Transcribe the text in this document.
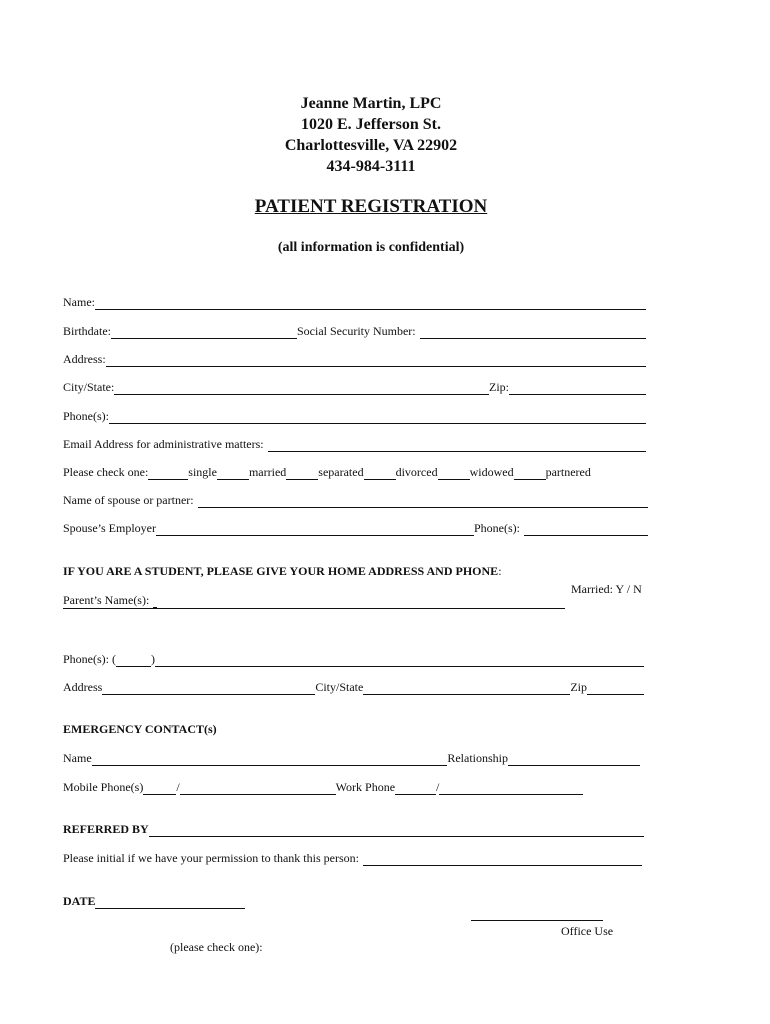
Jeanne Martin, LPC
1020 E. Jefferson St.
Charlottesville, VA 22902
434-984-3111
PATIENT REGISTRATION
(all information is confidential)
Name:
Birthdate:	Social Security Number:
Address:
City/State:	Zip:
Phone(s):
Email Address for administrative matters:
Please check one:	single	married	separated	divorced	widowed	partnered
Name of spouse or partner:
Spouse’s Employer	Phone(s):
IF YOU ARE A STUDENT, PLEASE GIVE YOUR HOME ADDRESS AND PHONE:
Married: Y / N
Parent’s Name(s):
Phone(s): (	)
Address	City/State	Zip
EMERGENCY CONTACT(s)
Name	Relationship
Mobile Phone(s)	/	Work Phone	/
REFERRED BY
Please initial if we have your permission to thank this person:
DATE
Office Use
(please check one):
